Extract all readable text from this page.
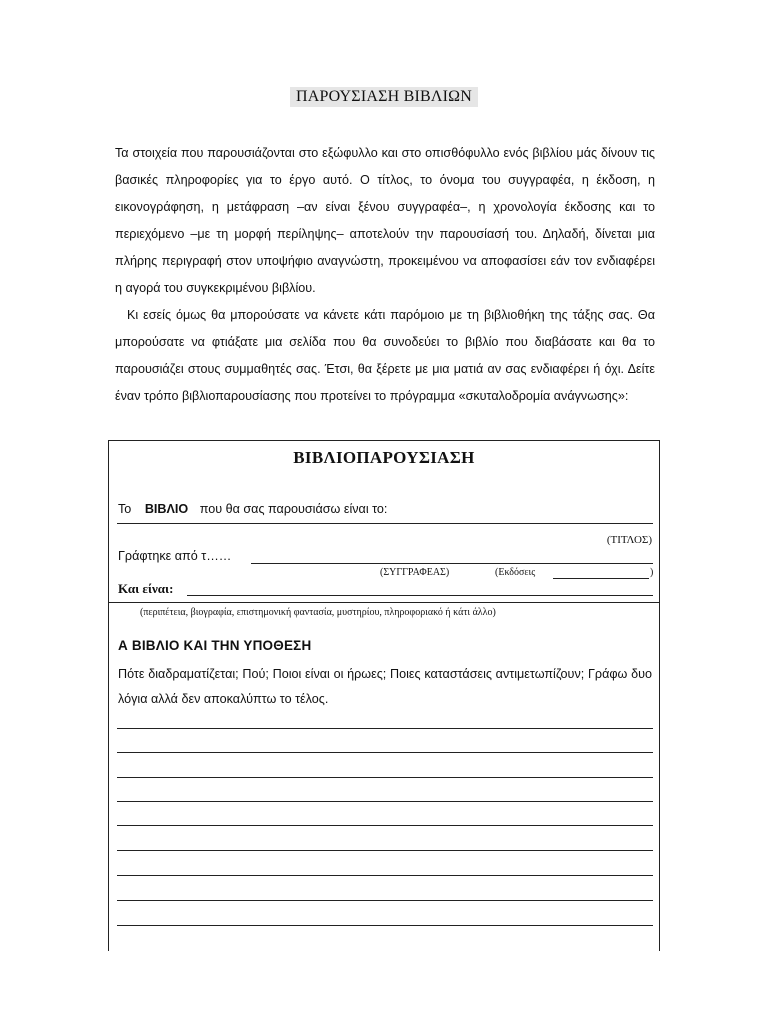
ΠΑΡΟΥΣΙΑΣΗ ΒΙΒΛΙΩΝ

Τα στοιχεία που παρουσιάζονται στο εξώφυλλο και στο οπισθόφυλλο ενός βιβλίου μάς δίνουν τις βασικές πληροφορίες για το έργο αυτό. Ο τίτλος, το όνομα του συγγραφέα, η έκδοση, η εικονογράφηση, η μετάφραση –αν είναι ξένου συγγραφέα–, η χρονολογία έκδοσης και το περιεχόμενο –με τη μορφή περίληψης– αποτελούν την παρουσίασή του. Δηλαδή, δίνεται μια πλήρης περιγραφή στον υποψήφιο αναγνώστη, προκειμένου να αποφασίσει εάν τον ενδιαφέρει η αγορά του συγκεκριμένου βιβλίου.

Κι εσείς όμως θα μπορούσατε να κάνετε κάτι παρόμοιο με τη βιβλιοθήκη της τάξης σας. Θα μπορούσατε να φτιάξατε μια σελίδα που θα συνοδεύει το βιβλίο που διαβάσατε και θα το παρουσιάζει στους συμμαθητές σας. Έτσι, θα ξέρετε με μια ματιά αν σας ενδιαφέρει ή όχι. Δείτε έναν τρόπο βιβλιοπαρουσίασης που προτείνει το πρόγραμμα «σκυταλοδρομία ανάγνωσης»:

ΒΙΒΛΙΟΠΑΡΟΥΣΙΑΣΗ
Το ΒΙΒΛΙΟ που θα σας παρουσιάσω είναι το:
(ΤΙΤΛΟΣ)
Γράφτηκε από τ……
(ΣΥΓΓΡΑΦΕΑΣ)	(Εκδόσεις	)
Και είναι:
(περιπέτεια, βιογραφία, επιστημονική φαντασία, μυστηρίου, πληροφοριακό ή κάτι άλλο)
Α ΒΙΒΛΙΟ ΚΑΙ ΤΗΝ ΥΠΟΘΕΣΗ
Πότε διαδραματίζεται; Πού; Ποιοι είναι οι ήρωες; Ποιες καταστάσεις αντιμετωπίζουν; Γράφω δυο λόγια αλλά δεν αποκαλύπτω το τέλος.
